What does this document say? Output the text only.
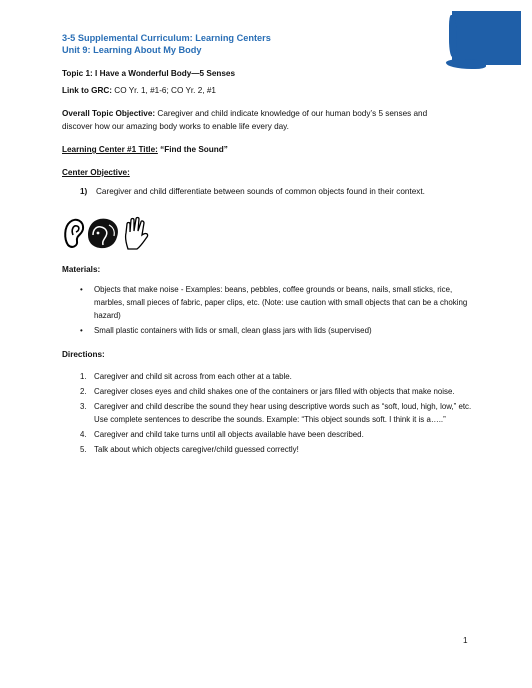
3-5 Supplemental Curriculum: Learning Centers
Unit 9: Learning About My Body
Topic 1: I Have a Wonderful Body—5 Senses
Link to GRC: CO Yr. 1, #1-6; CO Yr. 2, #1
Overall Topic Objective: Caregiver and child indicate knowledge of our human body’s 5 senses and
discover how our amazing body works to enable life every day.
Learning Center #1 Title: “Find the Sound”
Center Objective:
1) Caregiver and child differentiate between sounds of common objects found in their context.
Materials:
• Objects that make noise - Examples: beans, pebbles, coffee grounds or beans, nails, small sticks, rice, marbles, small pieces of fabric, paper clips, etc. (Note: use caution with small objects that can be a choking hazard)
• Small plastic containers with lids or small, clean glass jars with lids (supervised)
Directions:
1. Caregiver and child sit across from each other at a table.
2. Caregiver closes eyes and child shakes one of the containers or jars filled with objects that make noise.
3. Caregiver and child describe the sound they hear using descriptive words such as “soft, loud, high, low,” etc. Use complete sentences to describe the sounds. Example: “This object sounds soft. I think it is a…..”
4. Caregiver and child take turns until all objects available have been described.
5. Talk about which objects caregiver/child guessed correctly!
1
